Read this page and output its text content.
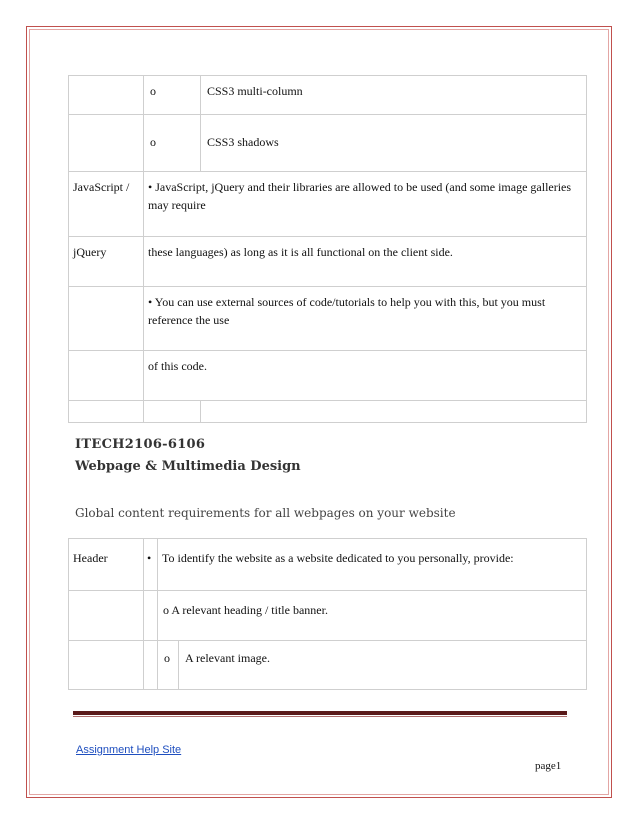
	o	CSS3 multi-column

	o	CSS3 shadows

JavaScript /	• JavaScript, jQuery and their libraries are allowed to be used (and some image galleries may require	

jQuery	these languages) as long as it is all functional on the client side.	

	• You can use external sources of code/tutorials to help you with this, but you must reference the use	

	of this code.	

ITECH2106-6106
Webpage & Multimedia Design
Global content requirements for all webpages on your website
Header	•	To identify the website as a website dedicated to you personally, provide:	

		o A relevant heading / title banner.	

		o	A relevant image.
Assignment Help Site
page1
